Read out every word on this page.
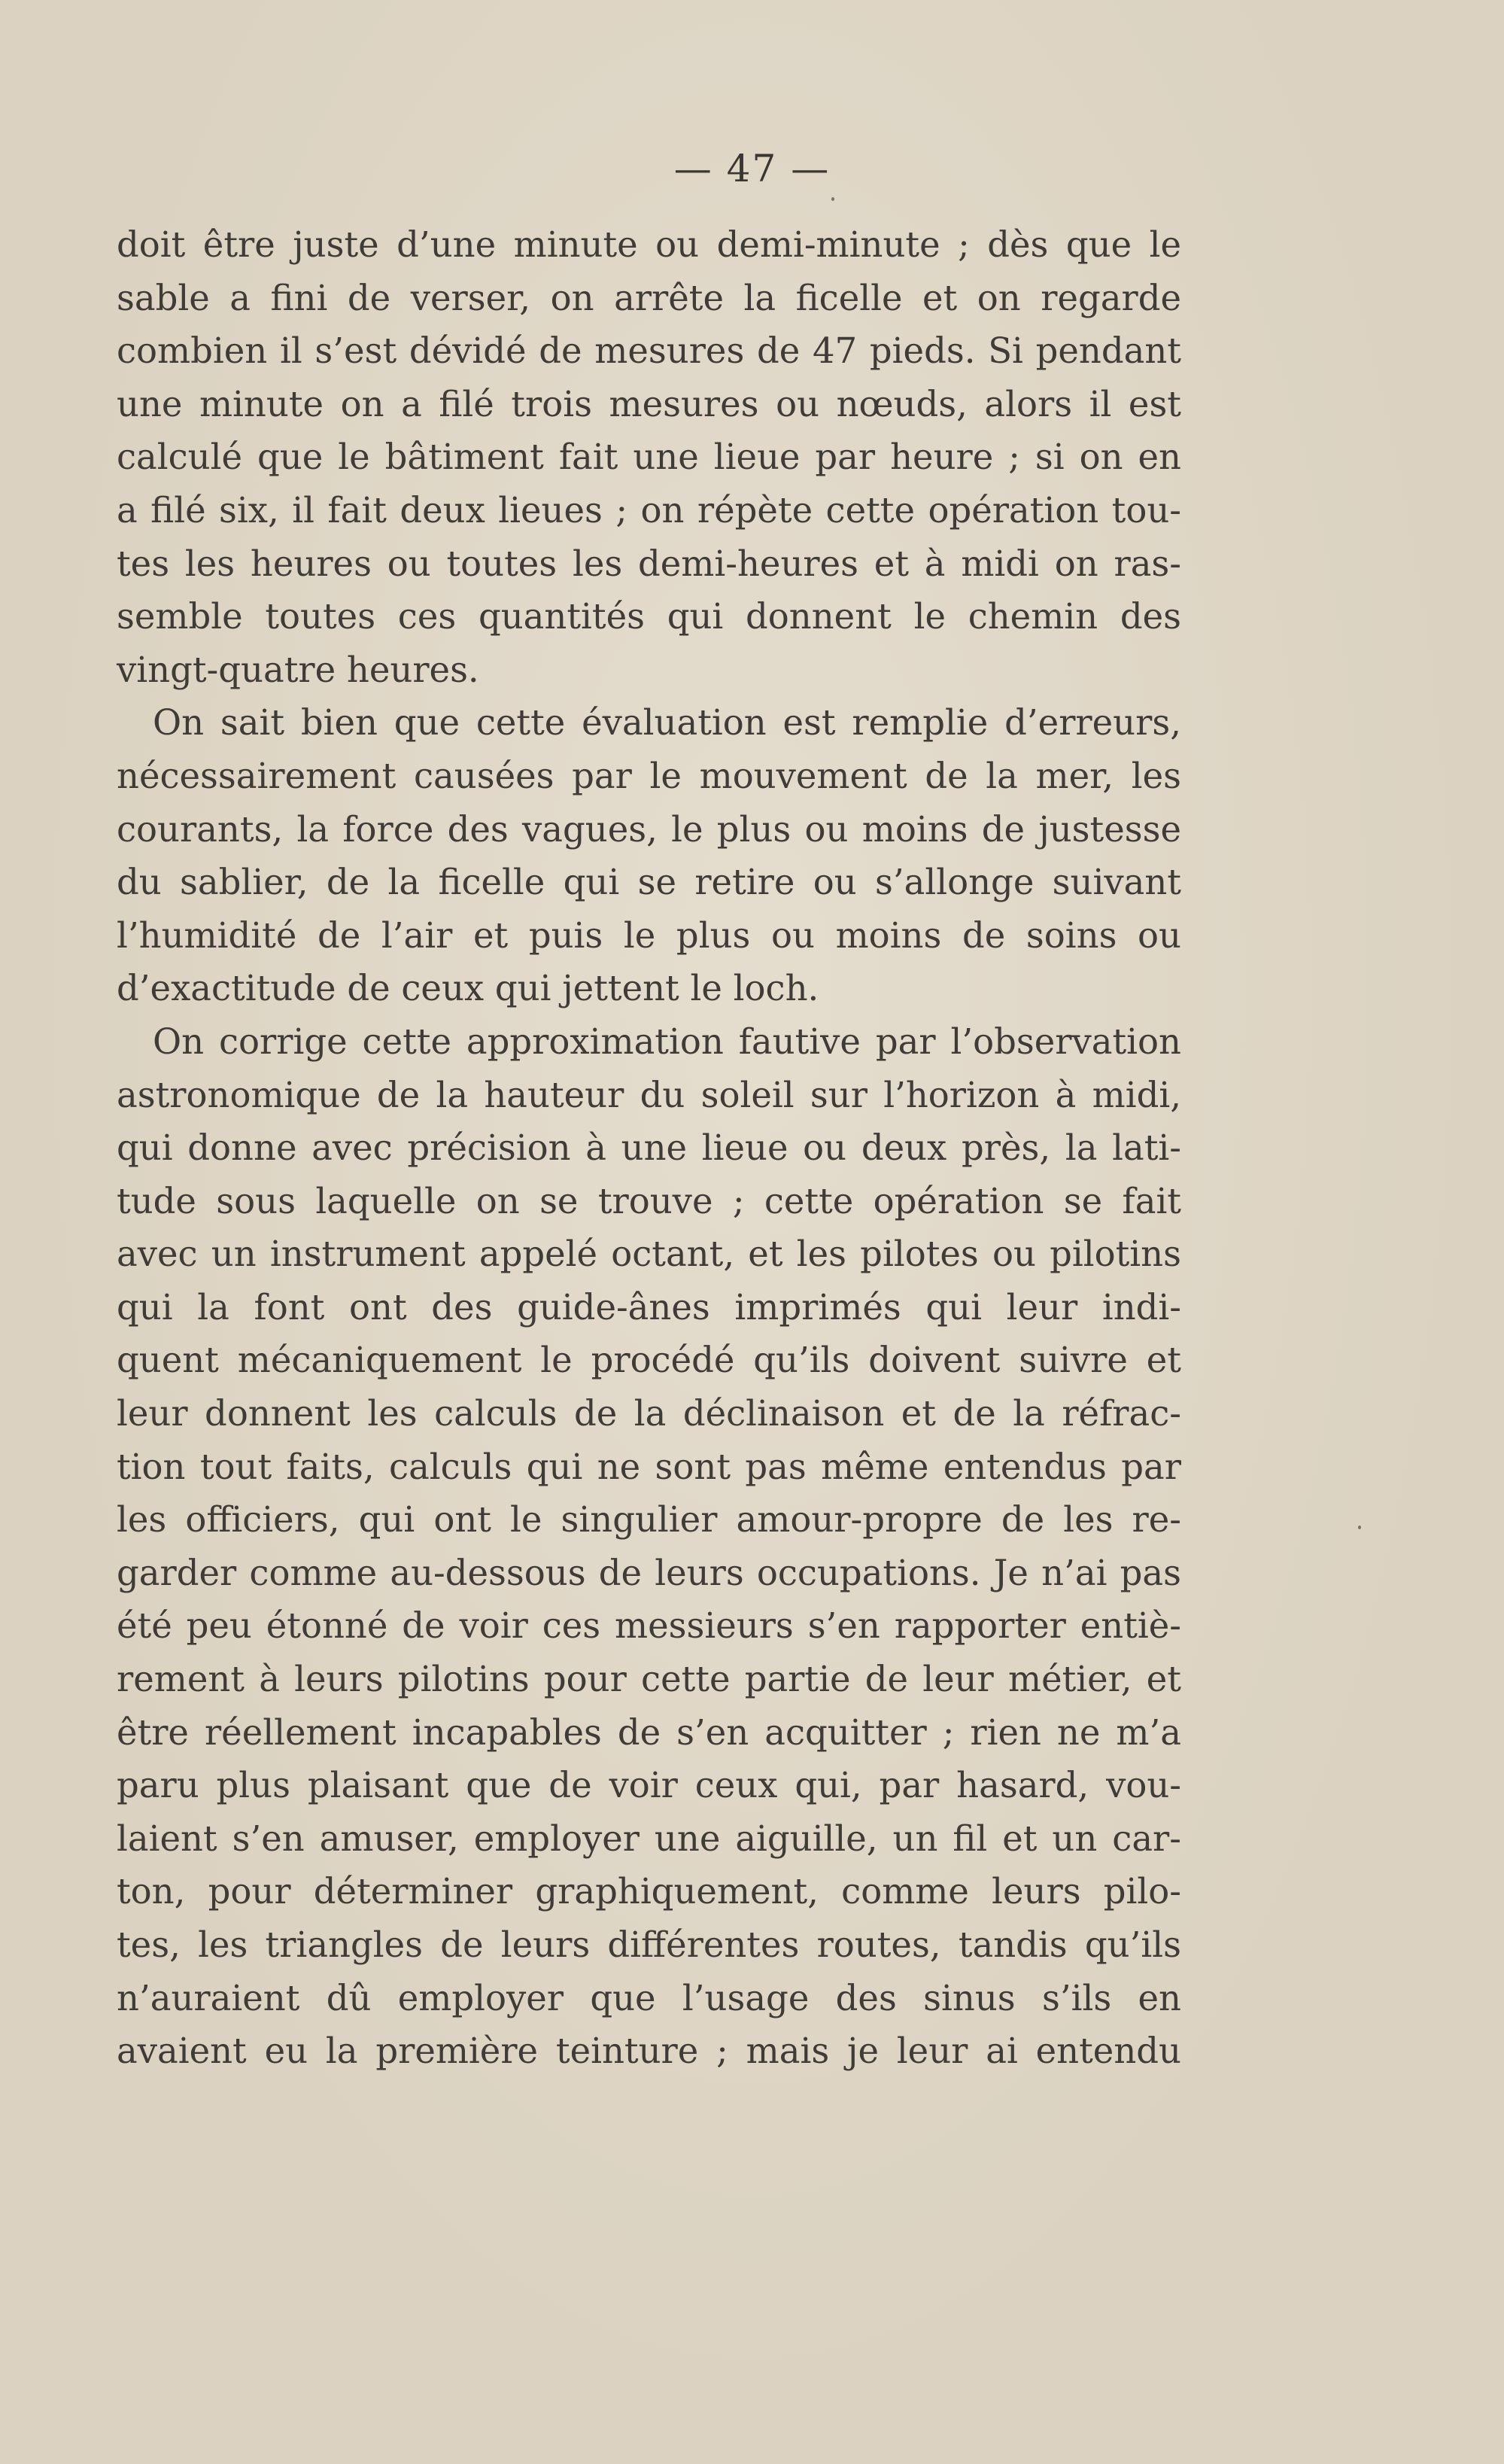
— 47 —
doit être juste d’une minute ou demi-minute ; dès que le
sable a fini de verser, on arrête la ficelle et on regarde
combien il s’est dévidé de mesures de 47 pieds. Si pendant
une minute on a filé trois mesures ou nœuds, alors il est
calculé que le bâtiment fait une lieue par heure ; si on en
a filé six, il fait deux lieues ; on répète cette opération tou-
tes les heures ou toutes les demi-heures et à midi on ras-
semble toutes ces quantités qui donnent le chemin des
vingt-quatre heures.
On sait bien que cette évaluation est remplie d’erreurs,
nécessairement causées par le mouvement de la mer, les
courants, la force des vagues, le plus ou moins de justesse
du sablier, de la ficelle qui se retire ou s’allonge suivant
l’humidité de l’air et puis le plus ou moins de soins ou
d’exactitude de ceux qui jettent le loch.
On corrige cette approximation fautive par l’observation
astronomique de la hauteur du soleil sur l’horizon à midi,
qui donne avec précision à une lieue ou deux près, la lati-
tude sous laquelle on se trouve ; cette opération se fait
avec un instrument appelé octant, et les pilotes ou pilotins
qui la font ont des guide-ânes imprimés qui leur indi-
quent mécaniquement le procédé qu’ils doivent suivre et
leur donnent les calculs de la déclinaison et de la réfrac-
tion tout faits, calculs qui ne sont pas même entendus par
les officiers, qui ont le singulier amour-propre de les re-
garder comme au-dessous de leurs occupations. Je n’ai pas
été peu étonné de voir ces messieurs s’en rapporter entiè-
rement à leurs pilotins pour cette partie de leur métier, et
être réellement incapables de s’en acquitter ; rien ne m’a
paru plus plaisant que de voir ceux qui, par hasard, vou-
laient s’en amuser, employer une aiguille, un fil et un car-
ton, pour déterminer graphiquement, comme leurs pilo-
tes, les triangles de leurs différentes routes, tandis qu’ils
n’auraient dû employer que l’usage des sinus s’ils en
avaient eu la première teinture ; mais je leur ai entendu
